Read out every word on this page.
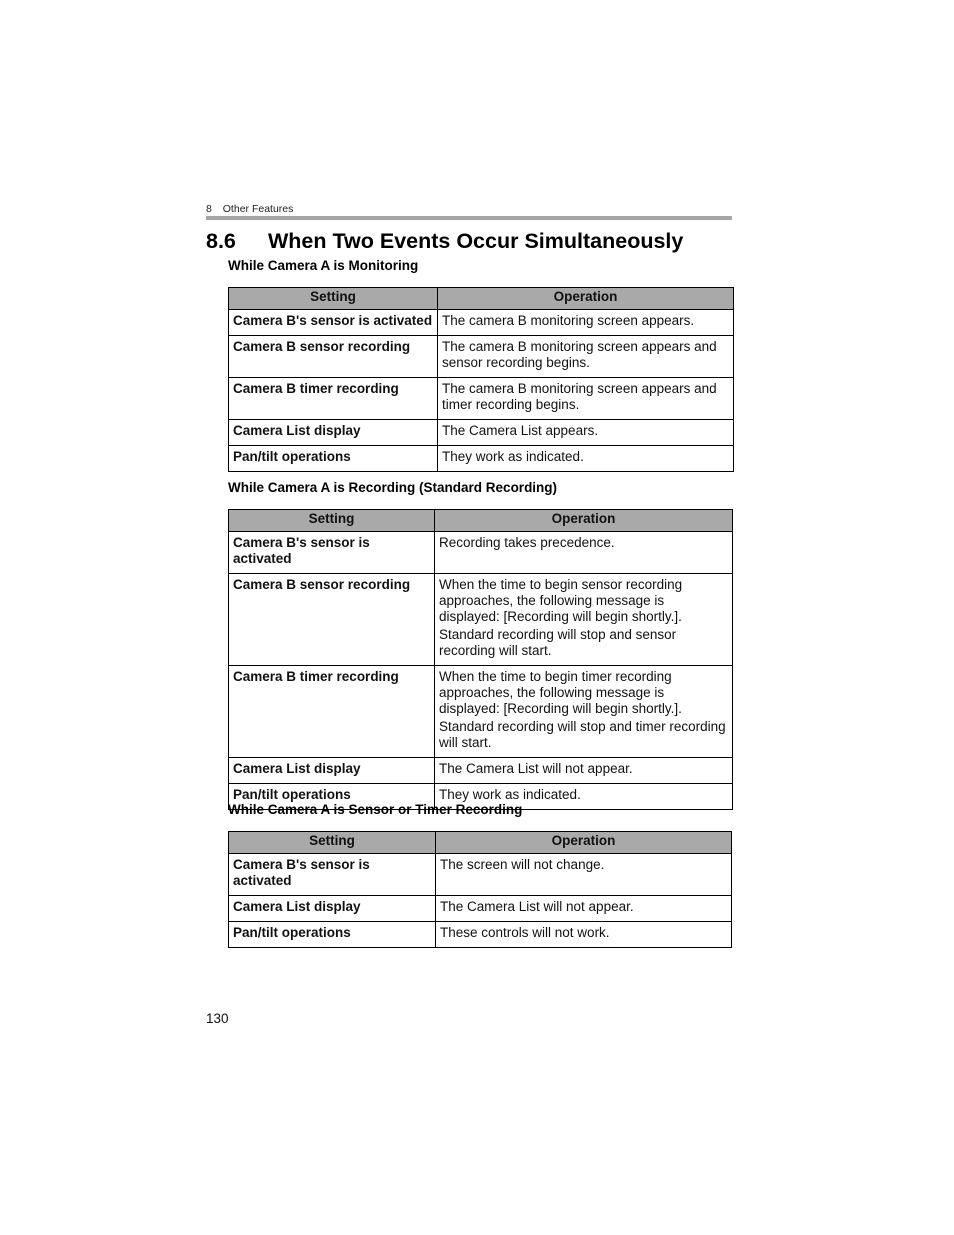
8 Other Features
8.6 When Two Events Occur Simultaneously
While Camera A is Monitoring
Setting	Operation
Camera B's sensor is activated	The camera B monitoring screen appears.

Camera B sensor recording	The camera B monitoring screen appears and sensor recording begins.

Camera B timer recording	The camera B monitoring screen appears and timer recording begins.

Camera List display	The Camera List appears.

Pan/tilt operations	They work as indicated.

While Camera A is Recording (Standard Recording)
Setting	Operation
Camera B's sensor is activated	Recording takes precedence.

Camera B sensor recording	When the time to begin sensor recording approaches, the following message is displayed: [Recording will begin shortly.].

Standard recording will stop and sensor recording will start.

Camera B timer recording	When the time to begin timer recording approaches, the following message is displayed: [Recording will begin shortly.].

Standard recording will stop and timer recording will start.

Camera List display	The Camera List will not appear.

Pan/tilt operations	They work as indicated.

While Camera A is Sensor or Timer Recording
Setting	Operation
Camera B's sensor is activated	The screen will not change.

Camera List display	The Camera List will not appear.

Pan/tilt operations	These controls will not work.

130
